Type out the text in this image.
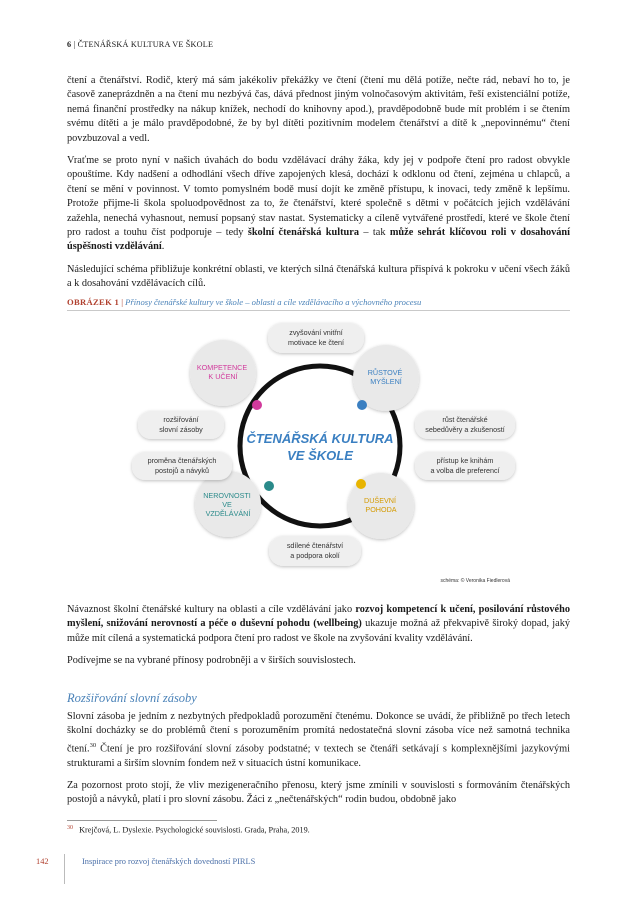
6 | ČTENÁŘSKÁ KULTURA VE ŠKOLE

čtení a čtenářství. Rodič, který má sám jakékoliv překážky ve čtení (čtení mu dělá potíže, nečte rád, nebaví ho to, je časově zaneprázdněn a na čtení mu nezbývá čas, dává přednost jiným volnočasovým aktivitám, řeší existenciální potíže, nemá finanční prostředky na nákup knížek, nechodí do knihovny apod.), pravděpodobně bude mít problém i se čtením svému dítěti a je málo pravděpodobné, že by byl dítěti pozitivním modelem čtenářství a dítě k „nepovinnému“ čtení povzbuzoval a vedl.

Vraťme se proto nyní v našich úvahách do bodu vzdělávací dráhy žáka, kdy jej v podpoře čtení pro radost obvykle opouštíme. Kdy nadšení a odhodlání všech dříve zapojených klesá, dochází k odklonu od čtení, zejména u chlapců, a čtení se mění v povinnost. V tomto pomyslném bodě musí dojít ke změně přístupu, k inovaci, tedy změně k lepšímu. Protože přijme-li škola spoluodpovědnost za to, že čtenářství, které společně s dětmi v počátcích jejich vzdělávání zažehla, nenechá vyhasnout, nemusí popsaný stav nastat. Systematicky a cíleně vytvářené prostředí, které ve škole čtení pro radost a touhu číst podporuje – tedy školní čtenářská kultura – tak může sehrát klíčovou roli v dosahování úspěšnosti vzdělávání.

Následující schéma přibližuje konkrétní oblasti, ve kterých silná čtenářská kultura přispívá k pokroku v učení všech žáků a k dosahování vzdělávacích cílů.

OBRÁZEK 1 | Přínosy čtenářské kultury ve škole – oblasti a cíle vzdělávacího a výchovného procesu
ČTENÁŘSKÁ KULTURA
VE ŠKOLE
KOMPETENCE K UČENÍ	RŮSTOVÉ MYŠLENÍ
NEROVNOSTI VE VZDĚLÁVÁNÍ
DUŠEVNÍ POHODA
zvyšování vnitřní motivace ke čtení
rozšiřování slovní zásoby
proměna čtenářských postojů a návyků
růst čtenářské sebedůvěry a zkušeností
přístup ke knihám a volba dle preferencí
sdílené čtenářství a podpora okolí
schéma: © Veronika Fiedlerová

Návaznost školní čtenářské kultury na oblasti a cíle vzdělávání jako rozvoj kompetencí k učení, posilování růstového myšlení, snižování nerovností a péče o duševní pohodu (wellbeing) ukazuje možná až překvapivě široký dopad, jaký může mít cílená a systematická podpora čtení pro radost ve škole na zvyšování kvality vzdělávání.

Podívejme se na vybrané přínosy podrobněji a v širších souvislostech.

Rozšiřování slovní zásoby

Slovní zásoba je jedním z nezbytných předpokladů porozumění čtenému. Dokonce se uvádí, že přibližně po třech letech školní docházky se do problémů čtení s porozuměním promítá nedostatečná slovní zásoba více než samotná technika čtení.$^{30}$ Čtení je pro rozšiřování slovní zásoby podstatné; v textech se čtenáři setkávají s komplexnějšími jazykovými strukturami a širším slovním fondem než v situacích ústní komunikace.

Za pozornost proto stojí, že vliv mezigeneračního přenosu, který jsme zmínili v souvislosti s formováním čtenářských postojů a návyků, platí i pro slovní zásobu. Žáci z „nečtenářských“ rodin budou, obdobně jako

$^{30}$ Krejčová, L. Dyslexie. Psychologické souvislosti. Grada, Praha, 2019.
142	Inspirace pro rozvoj čtenářských dovedností PIRLS
